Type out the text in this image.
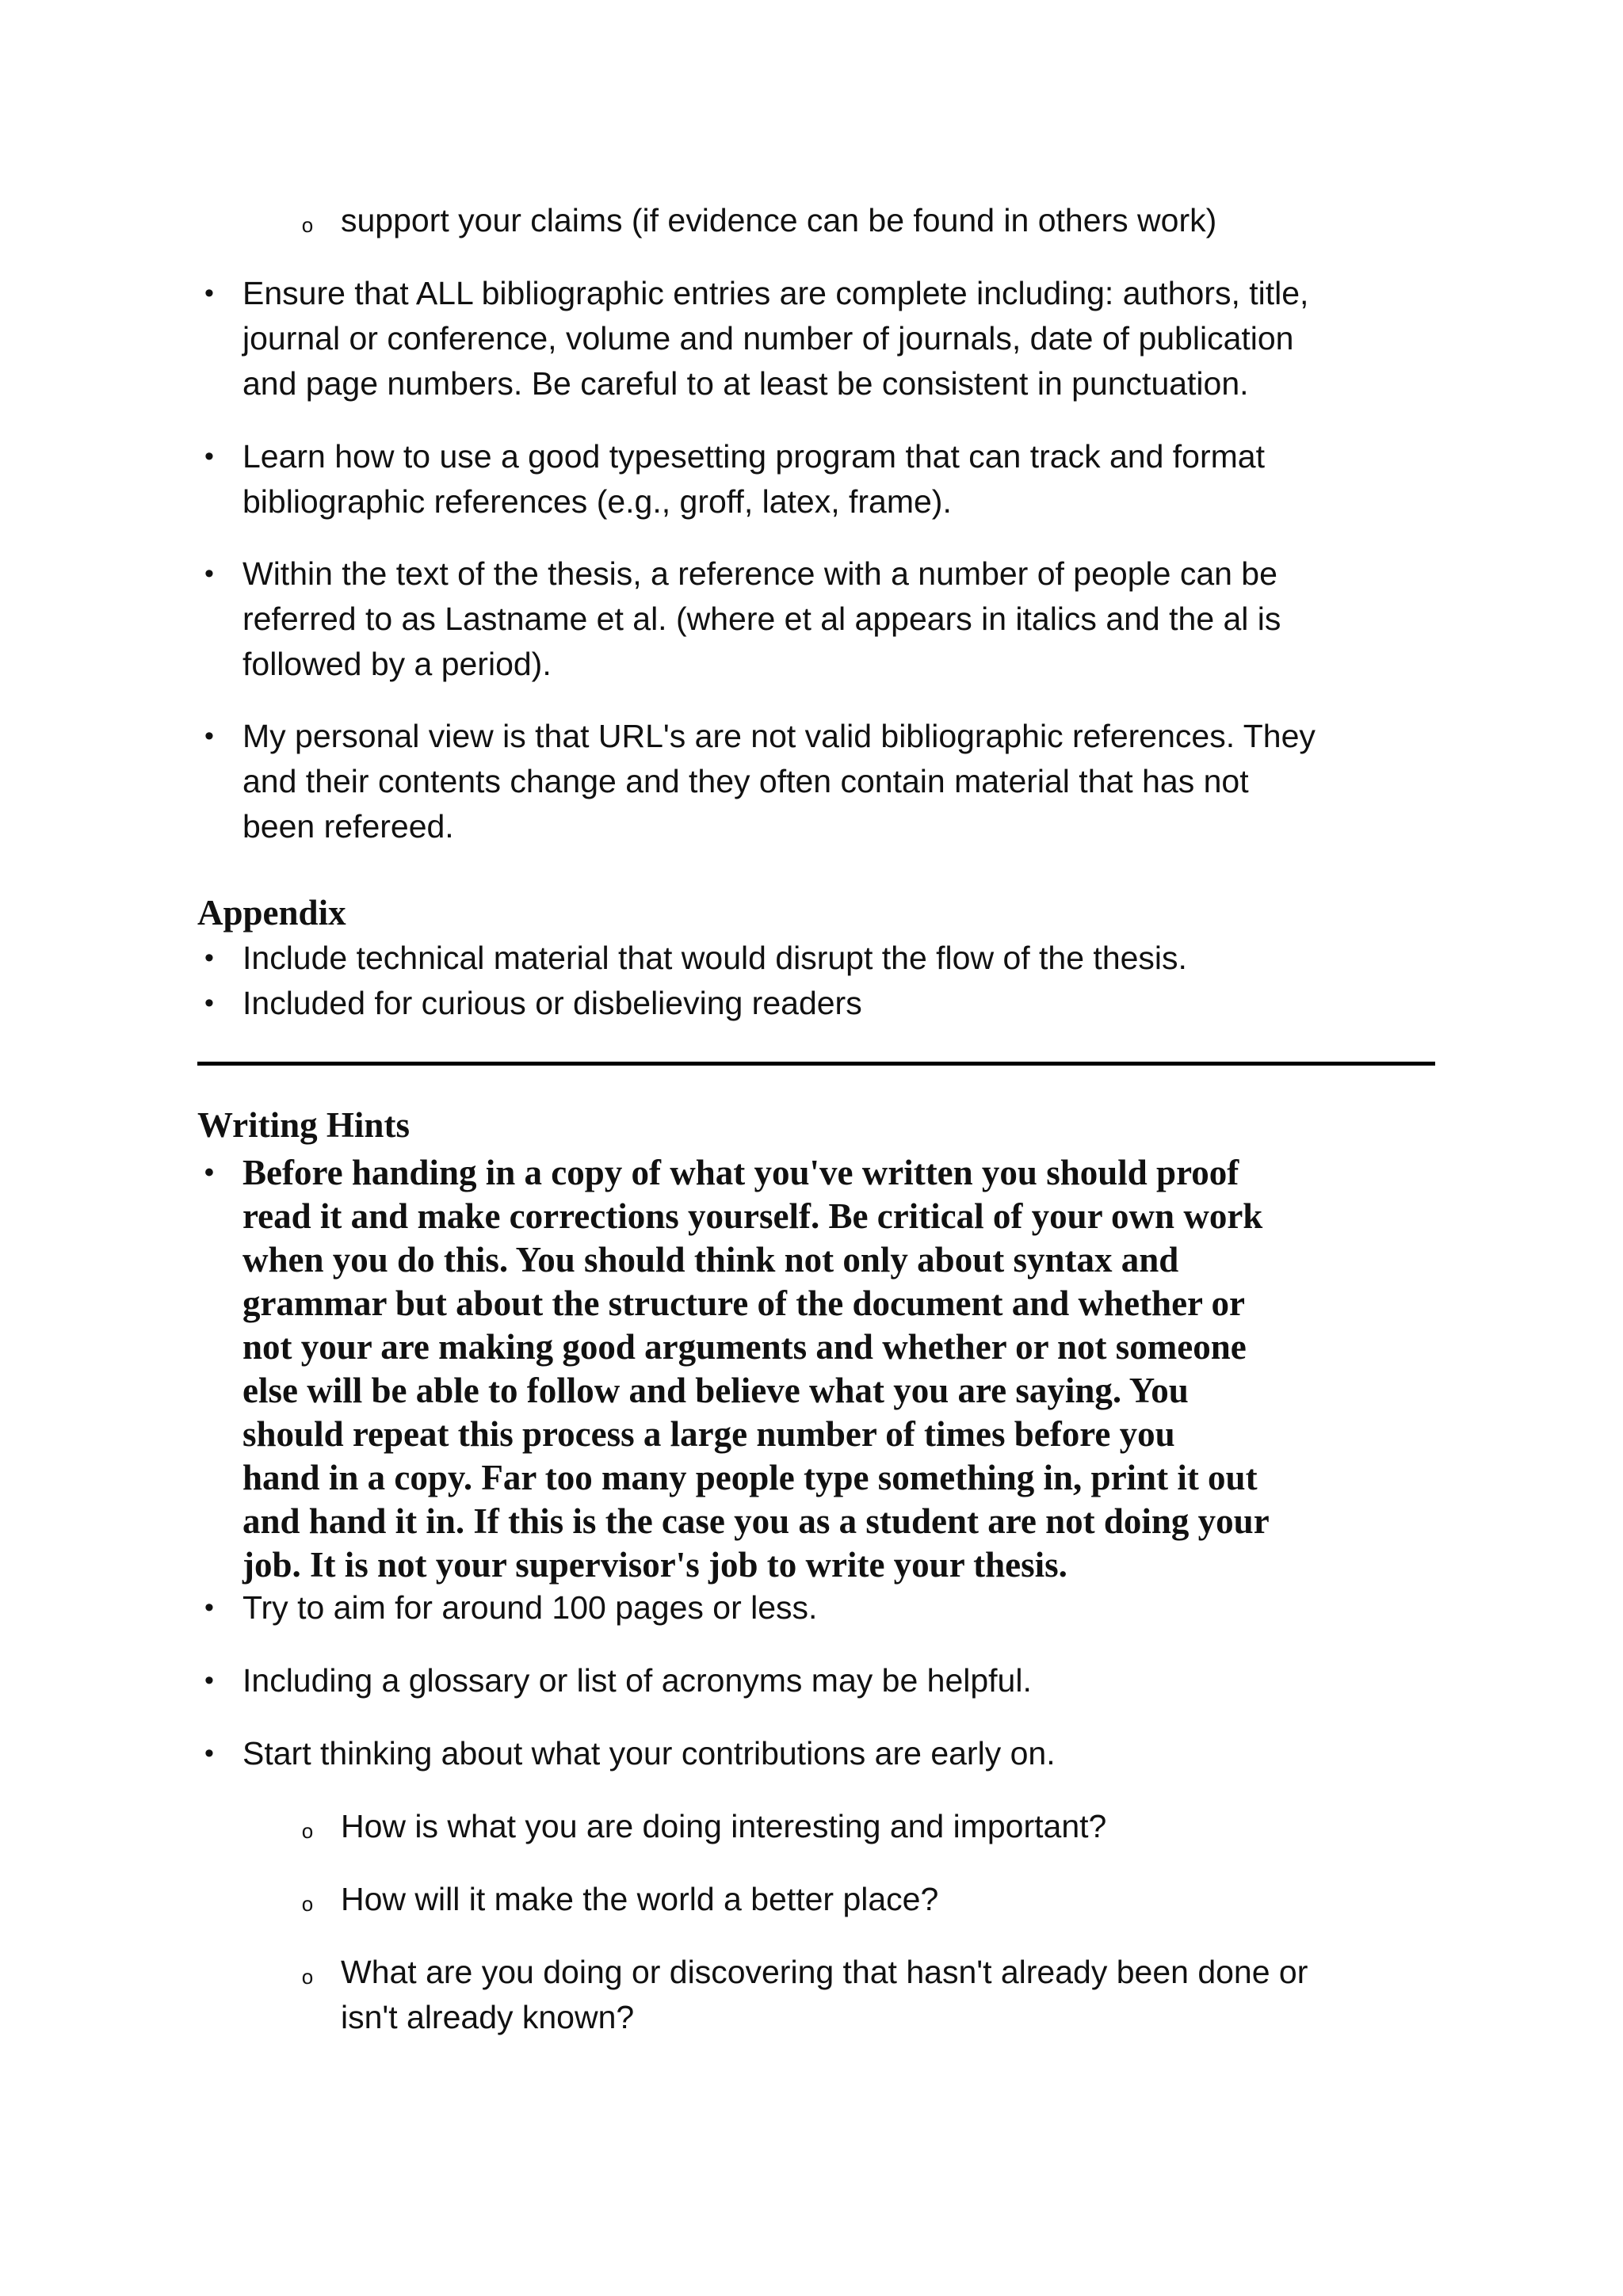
o support your claims (if evidence can be found in others work)
• Ensure that ALL bibliographic entries are complete including: authors, title,
journal or conference, volume and number of journals, date of publication
and page numbers. Be careful to at least be consistent in punctuation.
• Learn how to use a good typesetting program that can track and format
bibliographic references (e.g., groff, latex, frame).
• Within the text of the thesis, a reference with a number of people can be
referred to as Lastname et al. (where et al appears in italics and the al is
followed by a period).
• My personal view is that URL's are not valid bibliographic references. They
and their contents change and they often contain material that has not
been refereed.
Appendix
• Include technical material that would disrupt the flow of the thesis.
• Included for curious or disbelieving readers
Writing Hints
• Before handing in a copy of what you've written you should proof
read it and make corrections yourself. Be critical of your own work
when you do this. You should think not only about syntax and
grammar but about the structure of the document and whether or
not your are making good arguments and whether or not someone
else will be able to follow and believe what you are saying. You
should repeat this process a large number of times before you
hand in a copy. Far too many people type something in, print it out
and hand it in. If this is the case you as a student are not doing your
job. It is not your supervisor's job to write your thesis.
• Try to aim for around 100 pages or less.
• Including a glossary or list of acronyms may be helpful.
• Start thinking about what your contributions are early on.
o How is what you are doing interesting and important?
o How will it make the world a better place?
o What are you doing or discovering that hasn't already been done or
isn't already known?
